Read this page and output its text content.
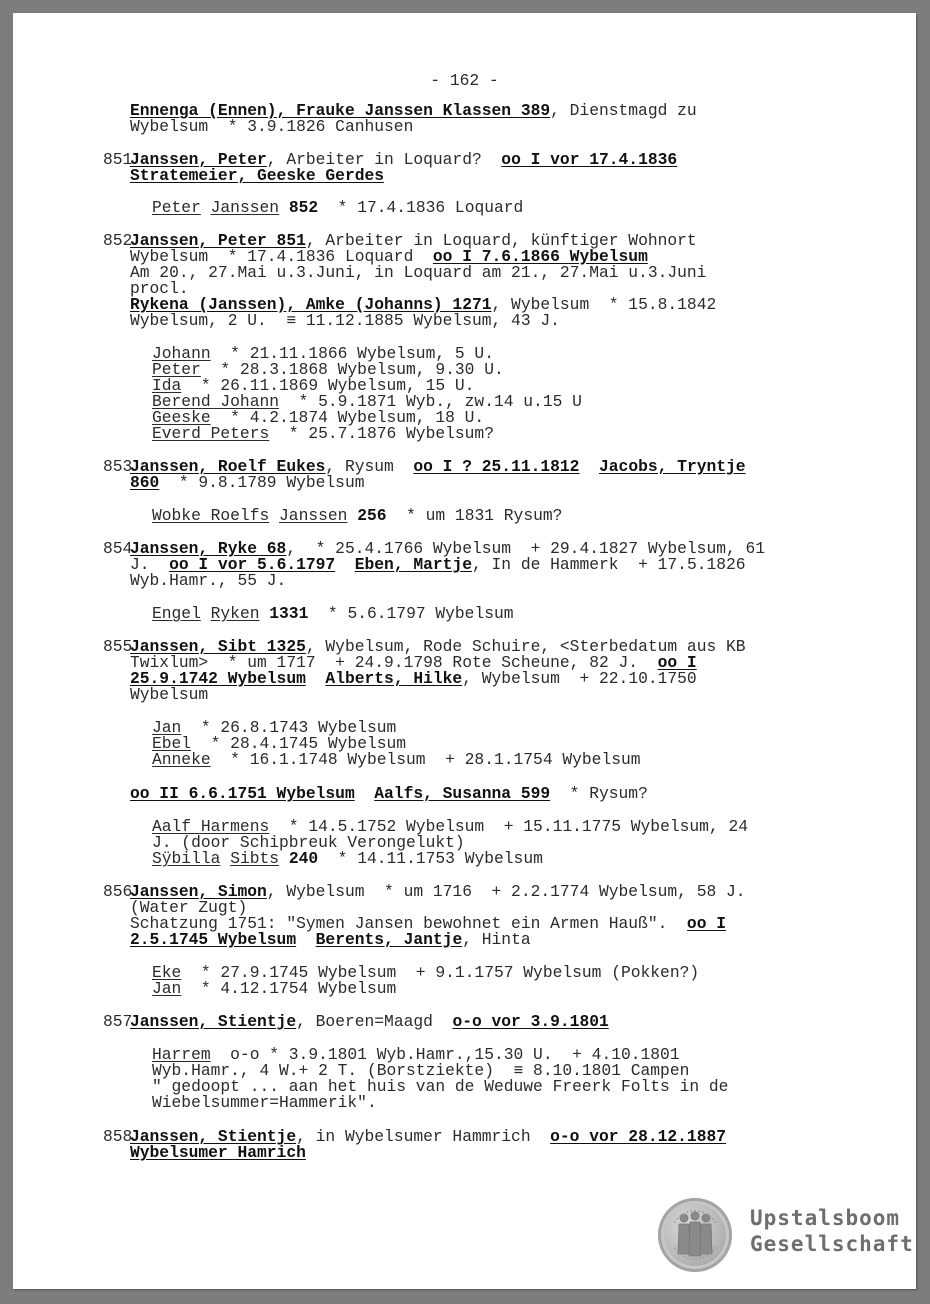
- 162 -
Ennenga (Ennen), Frauke Janssen Klassen 389, Dienstmagd zu
Wybelsum  * 3.9.1826 Canhusen
851
Janssen, Peter, Arbeiter in Loquard?  oo I vor 17.4.1836
Stratemeier, Geeske Gerdes
Peter Janssen 852  * 17.4.1836 Loquard
852
Janssen, Peter 851, Arbeiter in Loquard, künftiger Wohnort
Wybelsum  * 17.4.1836 Loquard  oo I 7.6.1866 Wybelsum
Am 20., 27.Mai u.3.Juni, in Loquard am 21., 27.Mai u.3.Juni
procl.
Rykena (Janssen), Amke (Johanns) 1271, Wybelsum  * 15.8.1842
Wybelsum, 2 U.  ≡ 11.12.1885 Wybelsum, 43 J.
Johann  * 21.11.1866 Wybelsum, 5 U.
Peter  * 28.3.1868 Wybelsum, 9.30 U.
Ida  * 26.11.1869 Wybelsum, 15 U.
Berend Johann  * 5.9.1871 Wyb., zw.14 u.15 U
Geeske  * 4.2.1874 Wybelsum, 18 U.
Everd Peters  * 25.7.1876 Wybelsum?
853
Janssen, Roelf Eukes, Rysum  oo I ? 25.11.1812 Jacobs, Tryntje
860  * 9.8.1789 Wybelsum
Wobke Roelfs Janssen 256  * um 1831 Rysum?
854
Janssen, Ryke 68,  * 25.4.1766 Wybelsum  + 29.4.1827 Wybelsum, 61
J.  oo I vor 5.6.1797 Eben, Martje, In de Hammerk  + 17.5.1826
Wyb.Hamr., 55 J.
Engel Ryken 1331  * 5.6.1797 Wybelsum
855
Janssen, Sibt 1325, Wybelsum, Rode Schuire, <Sterbedatum aus KB
Twixlum>  * um 1717  + 24.9.1798 Rote Scheune, 82 J.  oo I
25.9.1742 Wybelsum Alberts, Hilke, Wybelsum  + 22.10.1750
Wybelsum
Jan  * 26.8.1743 Wybelsum
Ebel  * 28.4.1745 Wybelsum
Anneke  * 16.1.1748 Wybelsum  + 28.1.1754 Wybelsum
oo II 6.6.1751 Wybelsum Aalfs, Susanna 599  * Rysum?
Aalf Harmens  * 14.5.1752 Wybelsum  + 15.11.1775 Wybelsum, 24
J. (door Schipbreuk Verongelukt)
Sÿbilla Sibts 240  * 14.11.1753 Wybelsum
856
Janssen, Simon, Wybelsum  * um 1716  + 2.2.1774 Wybelsum, 58 J.
(Water Zugt)
Schatzung 1751: "Symen Jansen bewohnet ein Armen Hauß".  oo I
2.5.1745 Wybelsum Berents, Jantje, Hinta
Eke  * 27.9.1745 Wybelsum  + 9.1.1757 Wybelsum (Pokken?)
Jan  * 4.12.1754 Wybelsum
857
Janssen, Stientje, Boeren=Maagd  o-o vor 3.9.1801
Harrem  o-o * 3.9.1801 Wyb.Hamr.,15.30 U.  + 4.10.1801
Wyb.Hamr., 4 W.+ 2 T. (Borstziekte)  ≡ 8.10.1801 Campen
" gedoopt ... aan het huis van de Weduwe Freerk Folts in de
Wiebelsummer=Hammerik".
858
Janssen, Stientje, in Wybelsumer Hammrich  o-o vor 28.12.1887
Wybelsumer Hamrich
Upstalsboom
Gesellschaft
